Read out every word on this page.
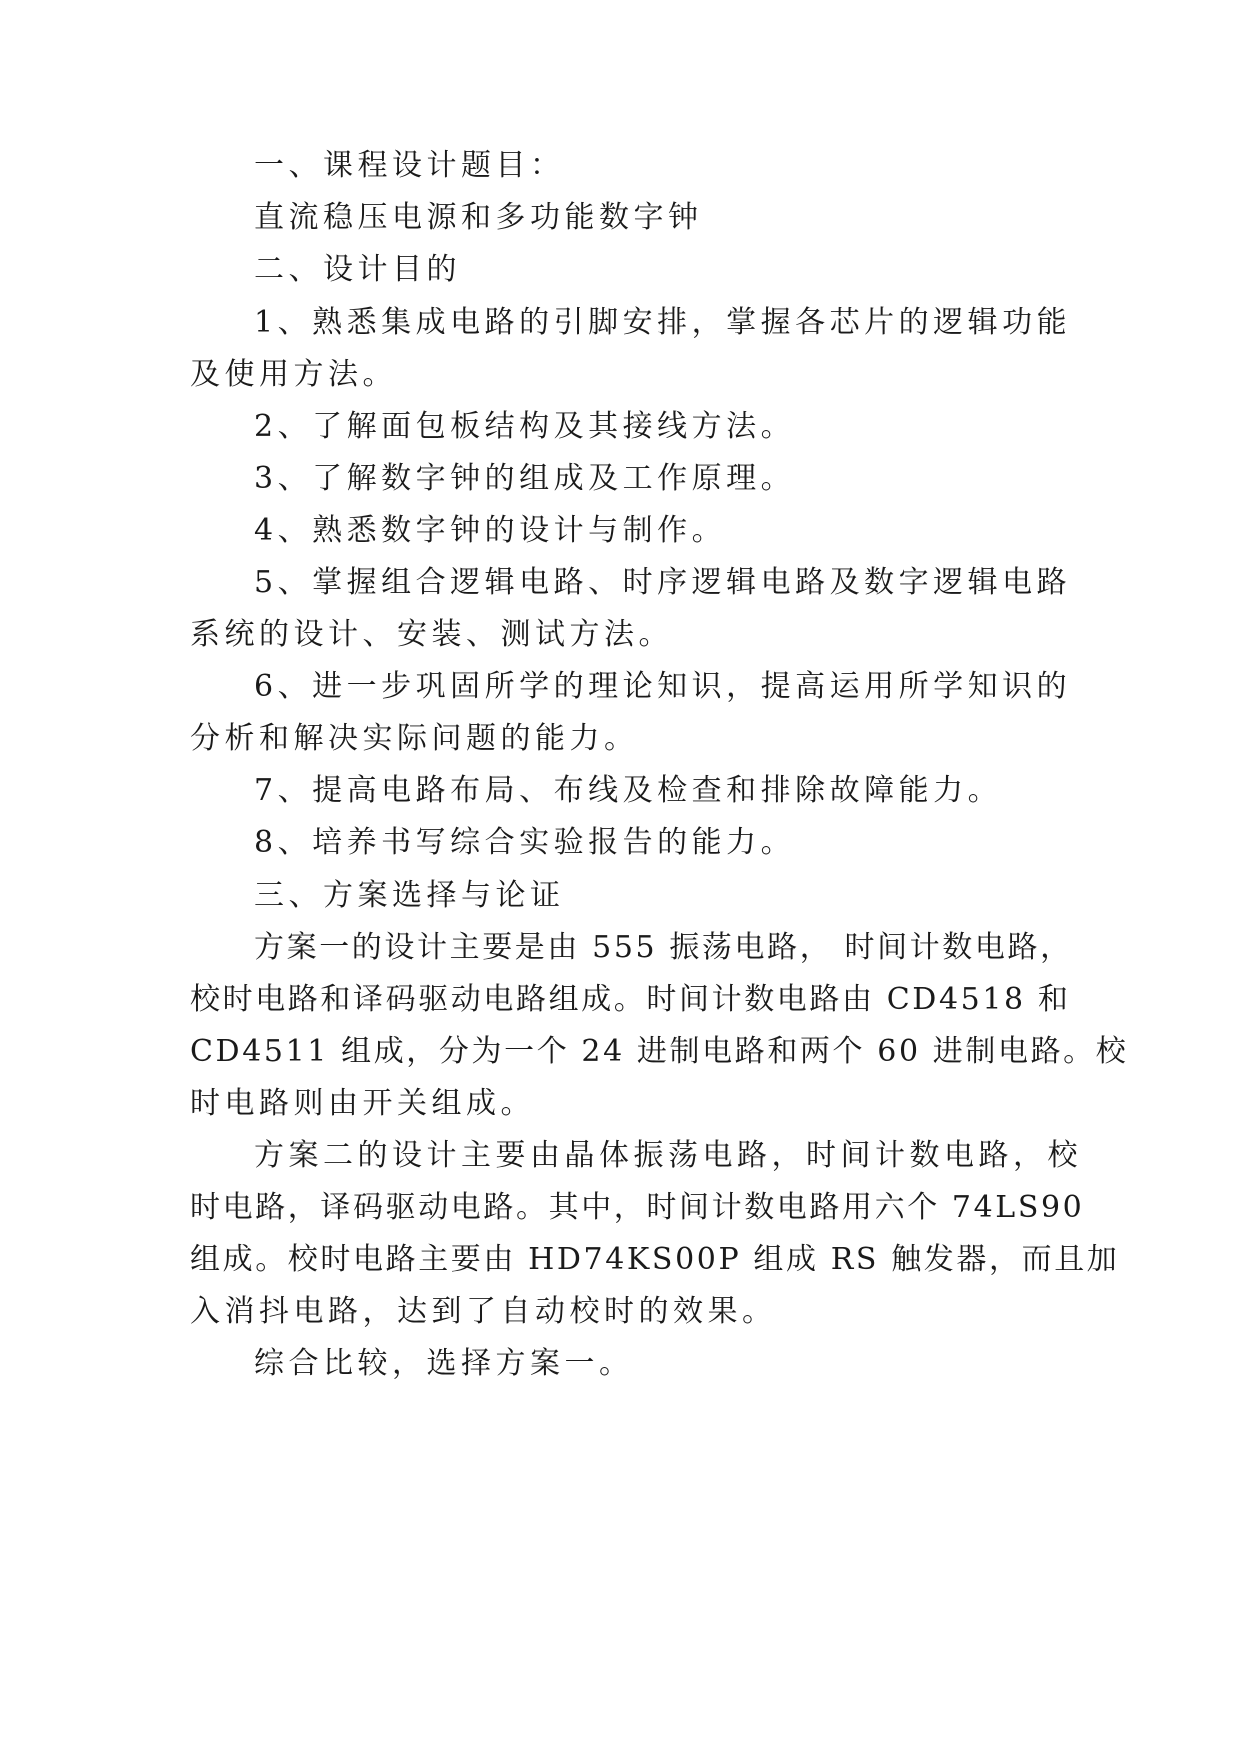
一、课程设计题目：
直流稳压电源和多功能数字钟
二、设计目的
1、熟悉集成电路的引脚安排，掌握各芯片的逻辑功能
及使用方法。
2、了解面包板结构及其接线方法。
3、了解数字钟的组成及工作原理。
4、熟悉数字钟的设计与制作。
5、掌握组合逻辑电路、时序逻辑电路及数字逻辑电路
系统的设计、安装、测试方法。
6、进一步巩固所学的理论知识，提高运用所学知识的
分析和解决实际问题的能力。
7、提高电路布局、布线及检查和排除故障能力。
8、培养书写综合实验报告的能力。
三、方案选择与论证
方案一的设计主要是由 555 振荡电路， 时间计数电路，
校时电路和译码驱动电路组成。时间计数电路由 CD4518 和
CD4511 组成，分为一个 24 进制电路和两个 60 进制电路。校
时电路则由开关组成。
方案二的设计主要由晶体振荡电路，时间计数电路，校
时电路，译码驱动电路。其中，时间计数电路用六个 74LS90
组成。校时电路主要由 HD74KS00P 组成 RS 触发器，而且加
入消抖电路，达到了自动校时的效果。
综合比较，选择方案一。
